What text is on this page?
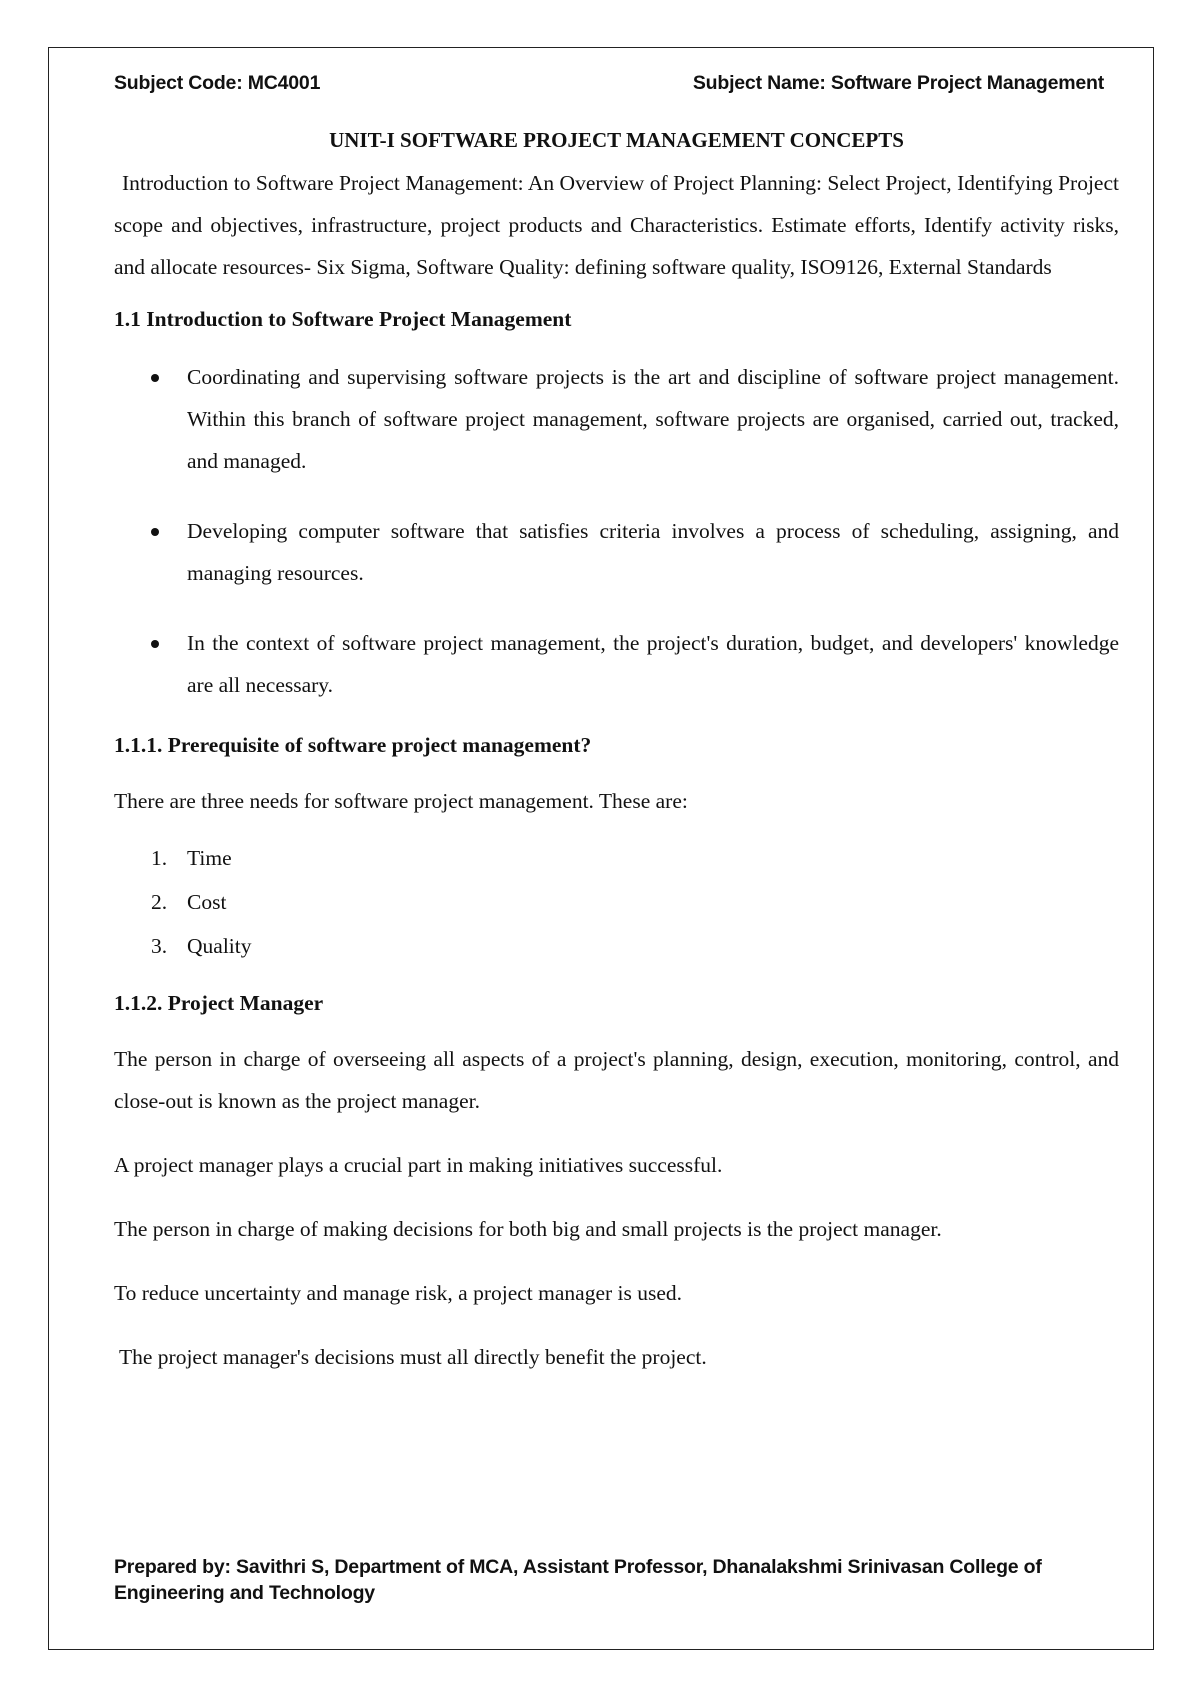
Subject Code: MC4001	Subject Name: Software Project Management
UNIT-I SOFTWARE PROJECT MANAGEMENT CONCEPTS

Introduction to Software Project Management: An Overview of Project Planning: Select Project, Identifying Project scope and objectives, infrastructure, project products and Characteristics. Estimate efforts, Identify activity risks, and allocate resources- Six Sigma, Software Quality: defining software quality, ISO9126, External Standards

1.1 Introduction to Software Project Management
Coordinating and supervising software projects is the art and discipline of software project management. Within this branch of software project management, software projects are organised, carried out, tracked, and managed.
Developing computer software that satisfies criteria involves a process of scheduling, assigning, and managing resources.
In the context of software project management, the project's duration, budget, and developers' knowledge are all necessary.
1.1.1. Prerequisite of software project management?

There are three needs for software project management. These are:

1. Time
2. Cost
3. Quality
1.1.2. Project Manager

The person in charge of overseeing all aspects of a project's planning, design, execution, monitoring, control, and close-out is known as the project manager.

A project manager plays a crucial part in making initiatives successful.

The person in charge of making decisions for both big and small projects is the project manager.

To reduce uncertainty and manage risk, a project manager is used.

The project manager's decisions must all directly benefit the project.

Prepared by: Savithri S, Department of MCA, Assistant Professor, Dhanalakshmi Srinivasan College of Engineering and Technology
